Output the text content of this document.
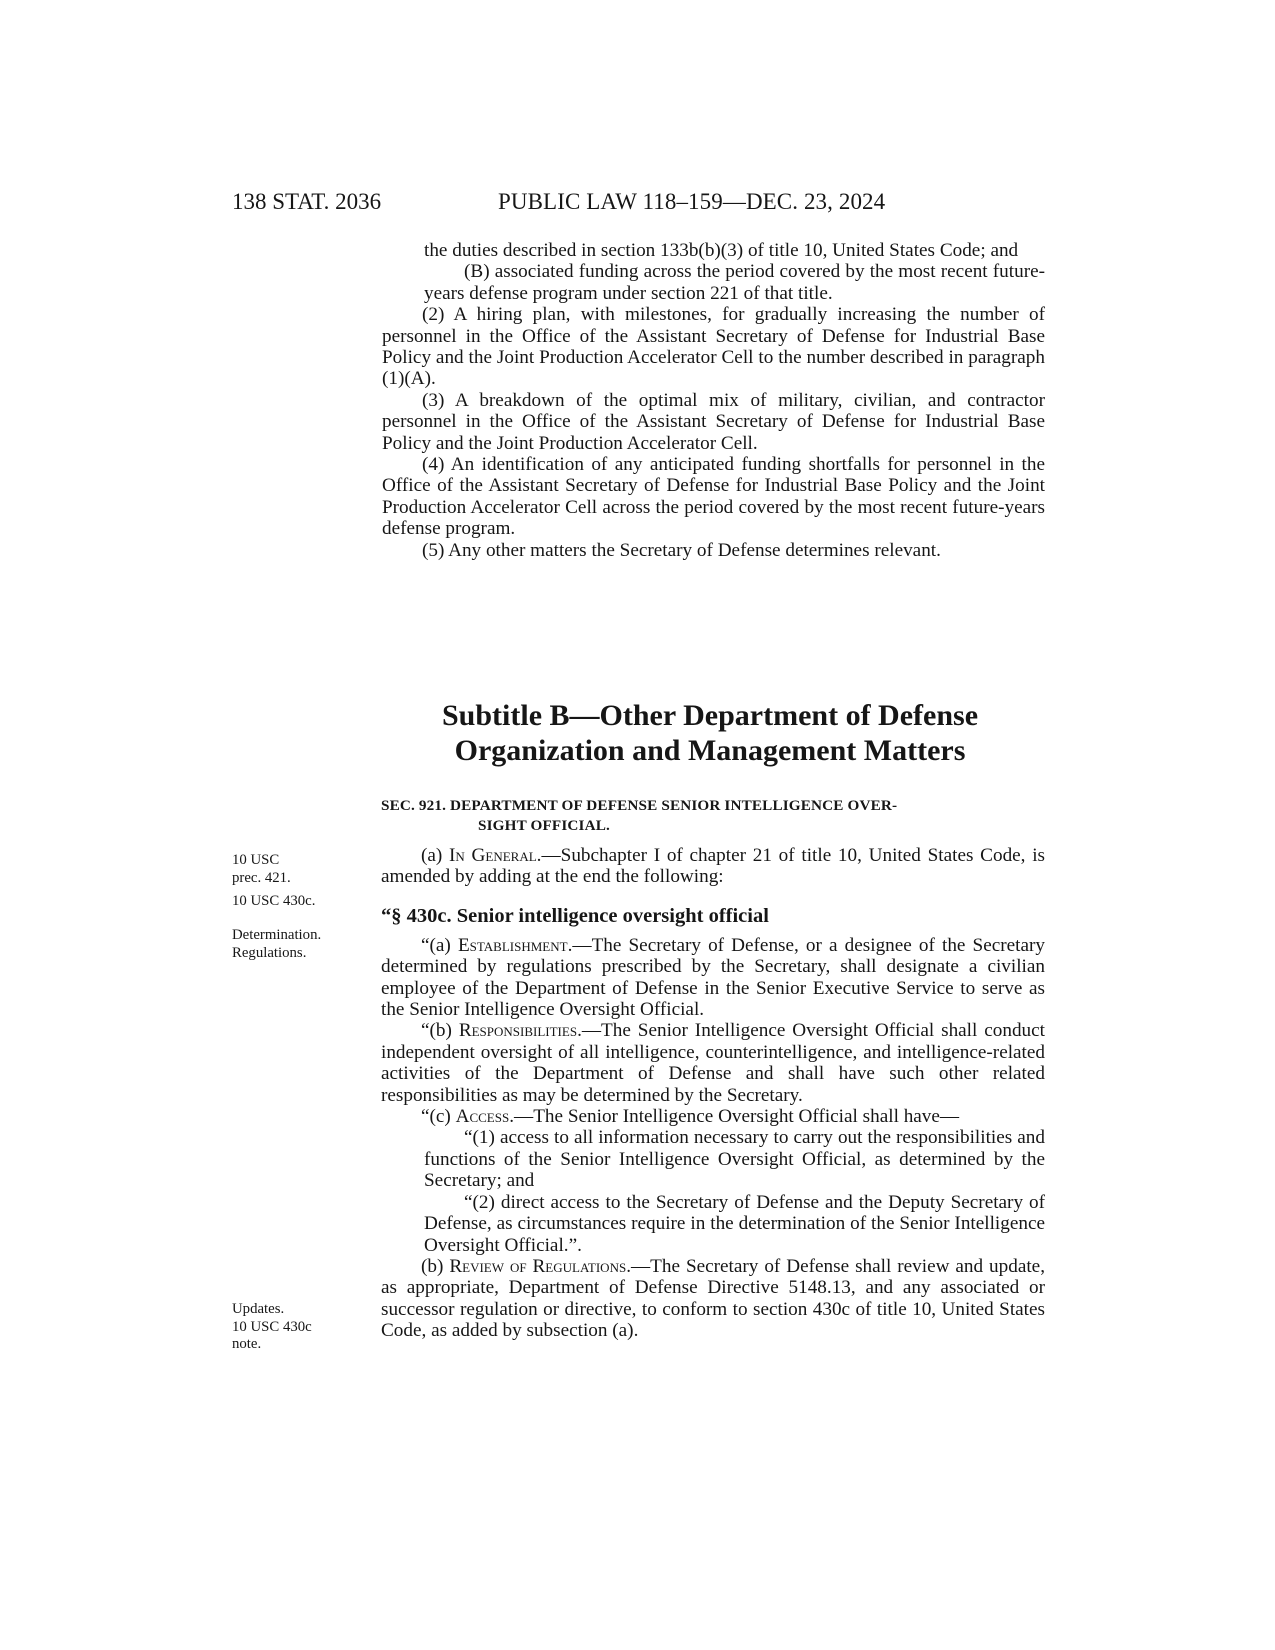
138 STAT. 2036	PUBLIC LAW 118–159—DEC. 23, 2024

the duties described in section 133b(b)(3) of title 10, United States Code; and

(B) associated funding across the period covered by the most recent future-years defense program under section 221 of that title.

(2) A hiring plan, with milestones, for gradually increasing the number of personnel in the Office of the Assistant Secretary of Defense for Industrial Base Policy and the Joint Production Accelerator Cell to the number described in paragraph (1)(A).

(3) A breakdown of the optimal mix of military, civilian, and contractor personnel in the Office of the Assistant Secretary of Defense for Industrial Base Policy and the Joint Production Accelerator Cell.

(4) An identification of any anticipated funding shortfalls for personnel in the Office of the Assistant Secretary of Defense for Industrial Base Policy and the Joint Production Accelerator Cell across the period covered by the most recent future-years defense program.

(5) Any other matters the Secretary of Defense determines relevant.

Subtitle B—Other Department of Defense
Organization and Management Matters
SEC. 921. DEPARTMENT OF DEFENSE SENIOR INTELLIGENCE OVER-
SIGHT OFFICIAL.
10 USC
prec. 421.
10 USC 430c.
Determination.
Regulations.
Updates.
10 USC 430c
note.

(a) In General.—Subchapter I of chapter 21 of title 10, United States Code, is amended by adding at the end the following:

“§ 430c. Senior intelligence oversight official

“(a) Establishment.—The Secretary of Defense, or a designee of the Secretary determined by regulations prescribed by the Secretary, shall designate a civilian employee of the Department of Defense in the Senior Executive Service to serve as the Senior Intelligence Oversight Official.

“(b) Responsibilities.—The Senior Intelligence Oversight Official shall conduct independent oversight of all intelligence, counterintelligence, and intelligence-related activities of the Department of Defense and shall have such other related responsibilities as may be determined by the Secretary.

“(c) Access.—The Senior Intelligence Oversight Official shall have—

“(1) access to all information necessary to carry out the responsibilities and functions of the Senior Intelligence Oversight Official, as determined by the Secretary; and

“(2) direct access to the Secretary of Defense and the Deputy Secretary of Defense, as circumstances require in the determination of the Senior Intelligence Oversight Official.”.

(b) Review of Regulations.—The Secretary of Defense shall review and update, as appropriate, Department of Defense Directive 5148.13, and any associated or successor regulation or directive, to conform to section 430c of title 10, United States Code, as added by subsection (a).
